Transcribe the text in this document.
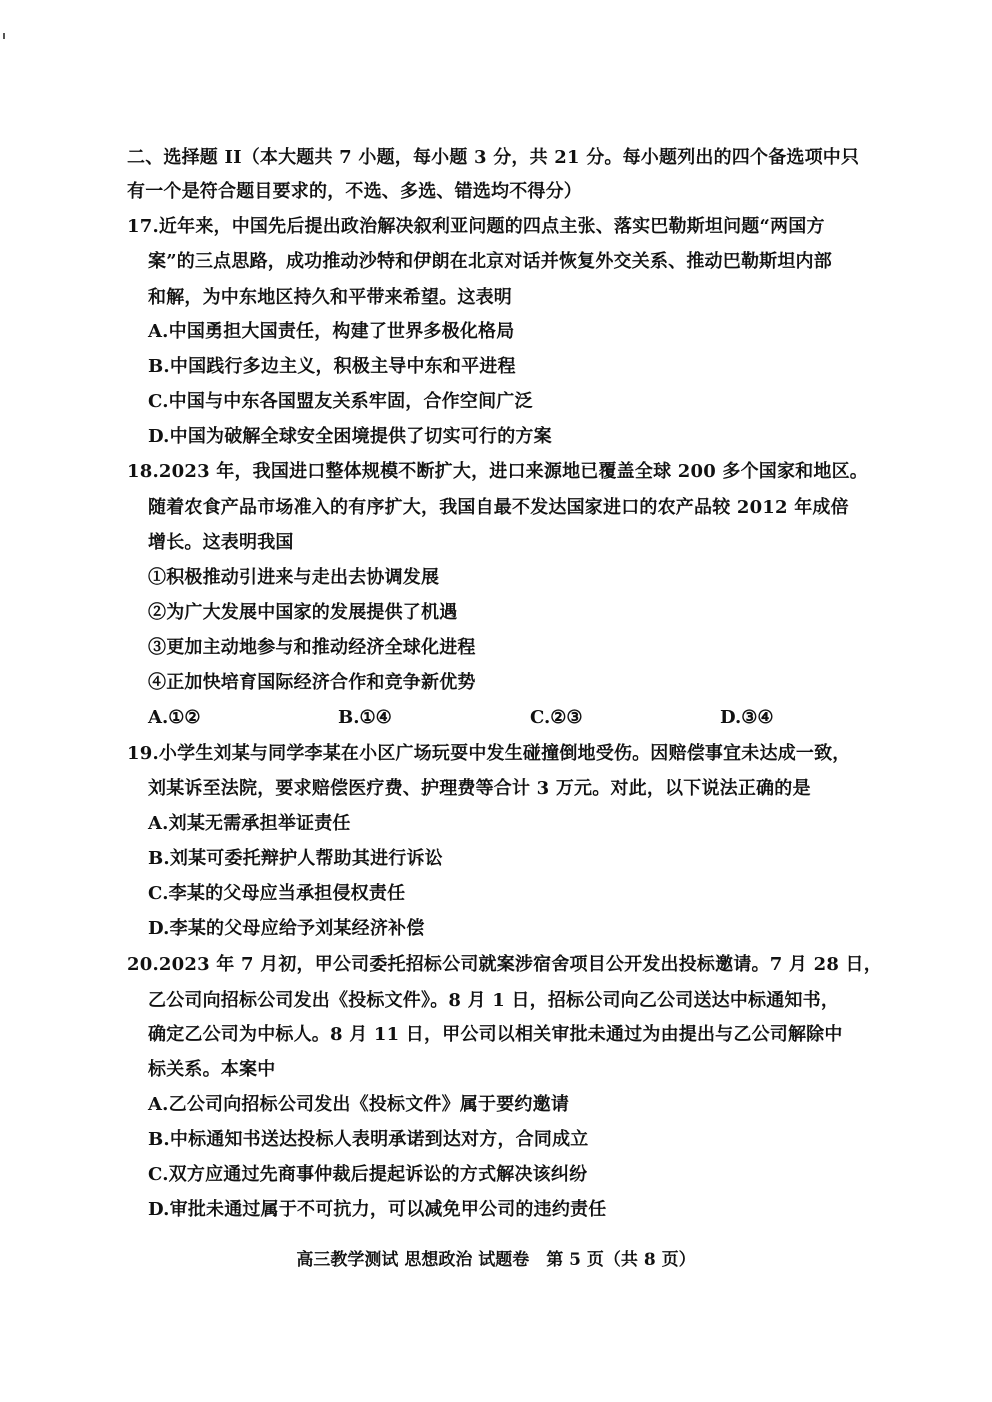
二、选择题 II（本大题共 7 小题，每小题 3 分，共 21 分。每小题列出的四个备选项中只
有一个是符合题目要求的，不选、多选、错选均不得分）
17.近年来，中国先后提出政治解决叙利亚问题的四点主张、落实巴勒斯坦问题“两国方
案”的三点思路，成功推动沙特和伊朗在北京对话并恢复外交关系、推动巴勒斯坦内部
和解，为中东地区持久和平带来希望。这表明
A.中国勇担大国责任，构建了世界多极化格局
B.中国践行多边主义，积极主导中东和平进程
C.中国与中东各国盟友关系牢固，合作空间广泛
D.中国为破解全球安全困境提供了切实可行的方案
18.2023 年，我国进口整体规模不断扩大，进口来源地已覆盖全球 200 多个国家和地区。
随着农食产品市场准入的有序扩大，我国自最不发达国家进口的农产品较 2012 年成倍
增长。这表明我国
①积极推动引进来与走出去协调发展
②为广大发展中国家的发展提供了机遇
③更加主动地参与和推动经济全球化进程
④正加快培育国际经济合作和竞争新优势
A.①②	B.①④	C.②③	D.③④
19.小学生刘某与同学李某在小区广场玩耍中发生碰撞倒地受伤。因赔偿事宜未达成一致，
刘某诉至法院，要求赔偿医疗费、护理费等合计 3 万元。对此，以下说法正确的是
A.刘某无需承担举证责任
B.刘某可委托辩护人帮助其进行诉讼
C.李某的父母应当承担侵权责任
D.李某的父母应给予刘某经济补偿
20.2023 年 7 月初，甲公司委托招标公司就案涉宿舍项目公开发出投标邀请。7 月 28 日，
乙公司向招标公司发出《投标文件》。8 月 1 日，招标公司向乙公司送达中标通知书，
确定乙公司为中标人。8 月 11 日，甲公司以相关审批未通过为由提出与乙公司解除中
标关系。本案中
A.乙公司向招标公司发出《投标文件》属于要约邀请
B.中标通知书送达投标人表明承诺到达对方，合同成立
C.双方应通过先商事仲裁后提起诉讼的方式解决该纠纷
D.审批未通过属于不可抗力，可以减免甲公司的违约责任
高三教学测试 思想政治 试题卷　第 5 页（共 8 页）
